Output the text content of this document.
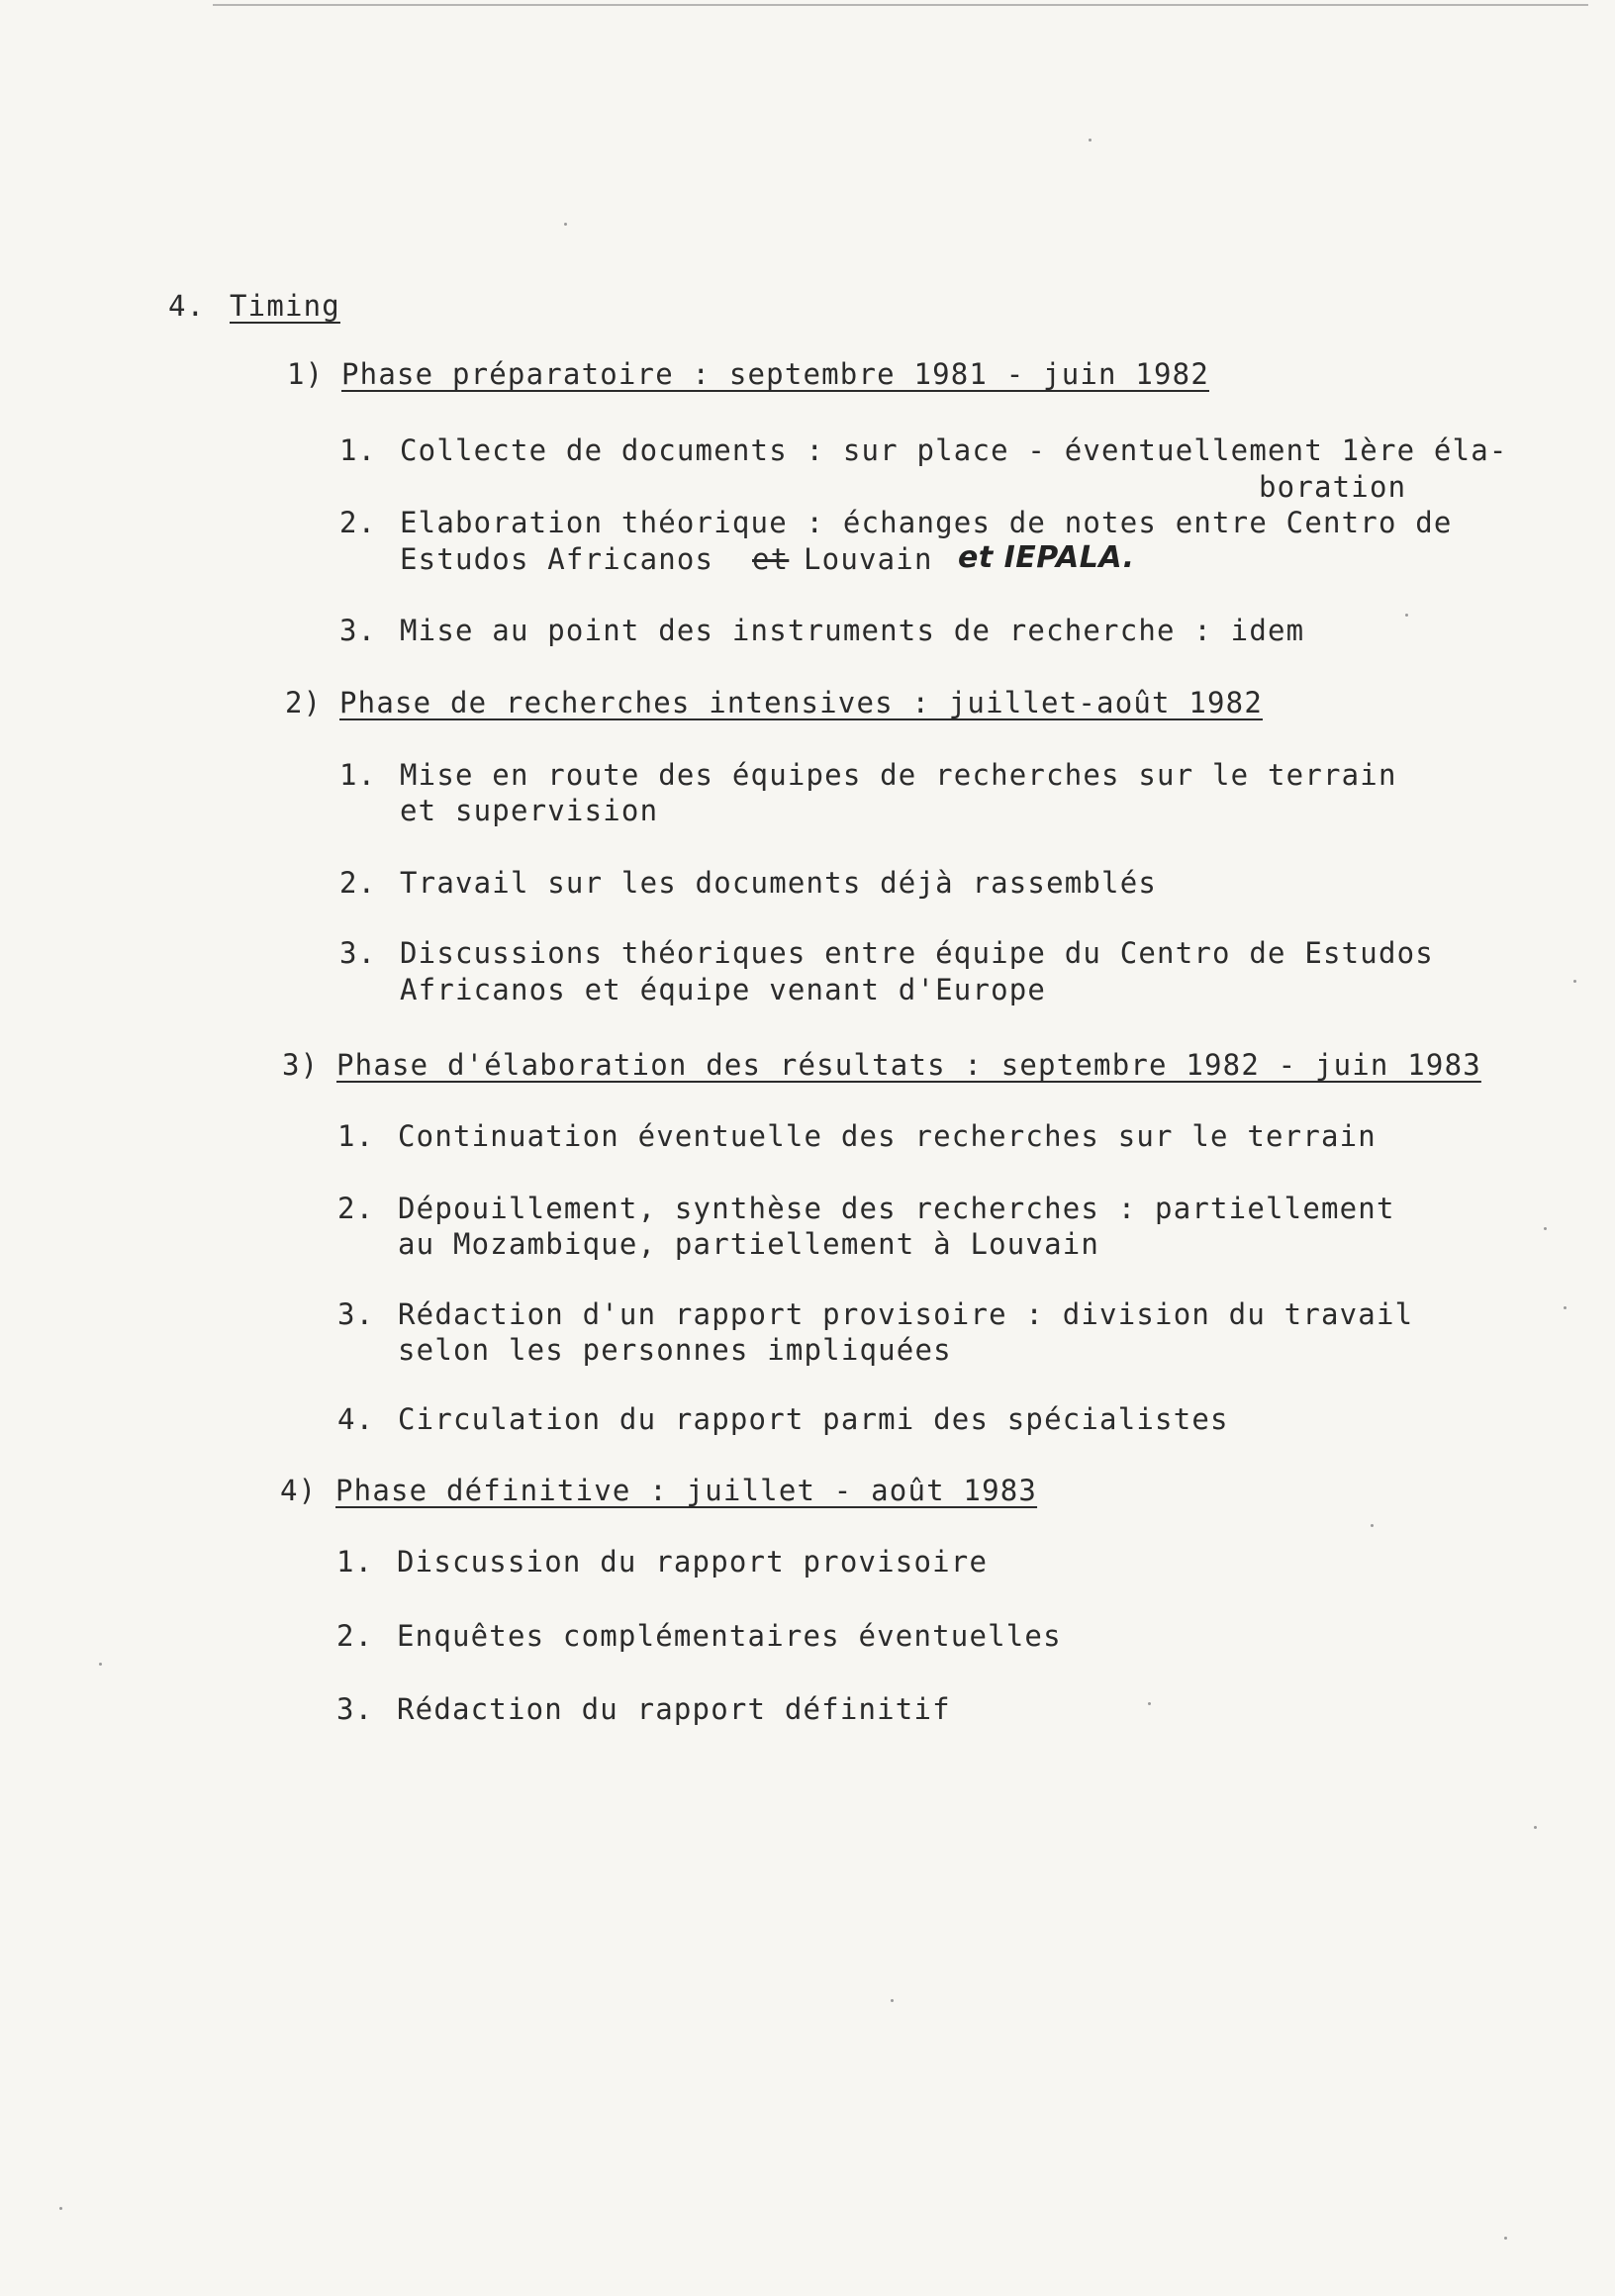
4. Timing
1) Phase préparatoire : septembre 1981 - juin 1982
1. Collecte de documents : sur place - éventuellement 1ère éla-
boration
2. Elaboration théorique : échanges de notes entre Centro de
Estudos Africanos et Louvain et IEPALA.
3. Mise au point des instruments de recherche : idem
2) Phase de recherches intensives : juillet-août 1982
1. Mise en route des équipes de recherches sur le terrain
et supervision
2. Travail sur les documents déjà rassemblés
3. Discussions théoriques entre équipe du Centro de Estudos
Africanos et équipe venant d'Europe
3) Phase d'élaboration des résultats : septembre 1982 - juin 1983
1. Continuation éventuelle des recherches sur le terrain
2. Dépouillement, synthèse des recherches : partiellement
au Mozambique, partiellement à Louvain
3. Rédaction d'un rapport provisoire : division du travail
selon les personnes impliquées
4. Circulation du rapport parmi des spécialistes
4) Phase définitive : juillet - août 1983
1. Discussion du rapport provisoire
2. Enquêtes complémentaires éventuelles
3. Rédaction du rapport définitif
